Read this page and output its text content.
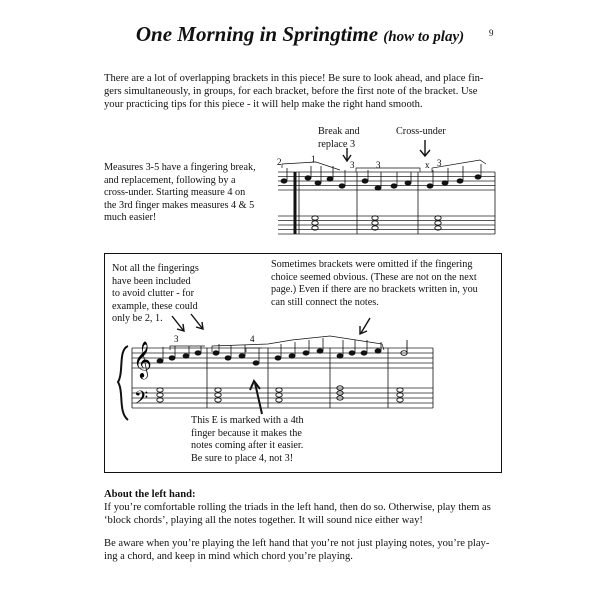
One Morning in Springtime (how to play)	9
There are a lot of overlapping brackets in this piece! Be sure to look ahead, and place fin-
gers simultaneously, in groups, for each bracket, before the first note of the bracket. Use
your practicing tips for this piece - it will help make the right hand smooth.
Break and
replace 3
Cross-under
Measures 3-5 have a fingering break,
and replacement, following by a
cross-under. Starting measure 4 on
the 3rd finger makes measures 4 & 5
much easier!
2	1
3 3	x 3
Not all the fingerings
have been included
to avoid clutter - for
example, these could
only be 2, 1.
Sometimes brackets were omitted if the fingering
choice seemed obvious. (These are not on the next
page.) Even if there are no brackets written in, you
can still connect the notes.
This E is marked with a 4th
finger because it makes the
notes coming after it easier.
Be sure to place 4, not 3!
3	4
𝄞
𝄢
About the left hand:
If you’re comfortable rolling the triads in the left hand, then do so. Otherwise, play them as
‘block chords’, playing all the notes together. It will sound nice either way!
Be aware when you’re playing the left hand that you’re not just playing notes, you’re play-
ing a chord, and keep in mind which chord you’re playing.
